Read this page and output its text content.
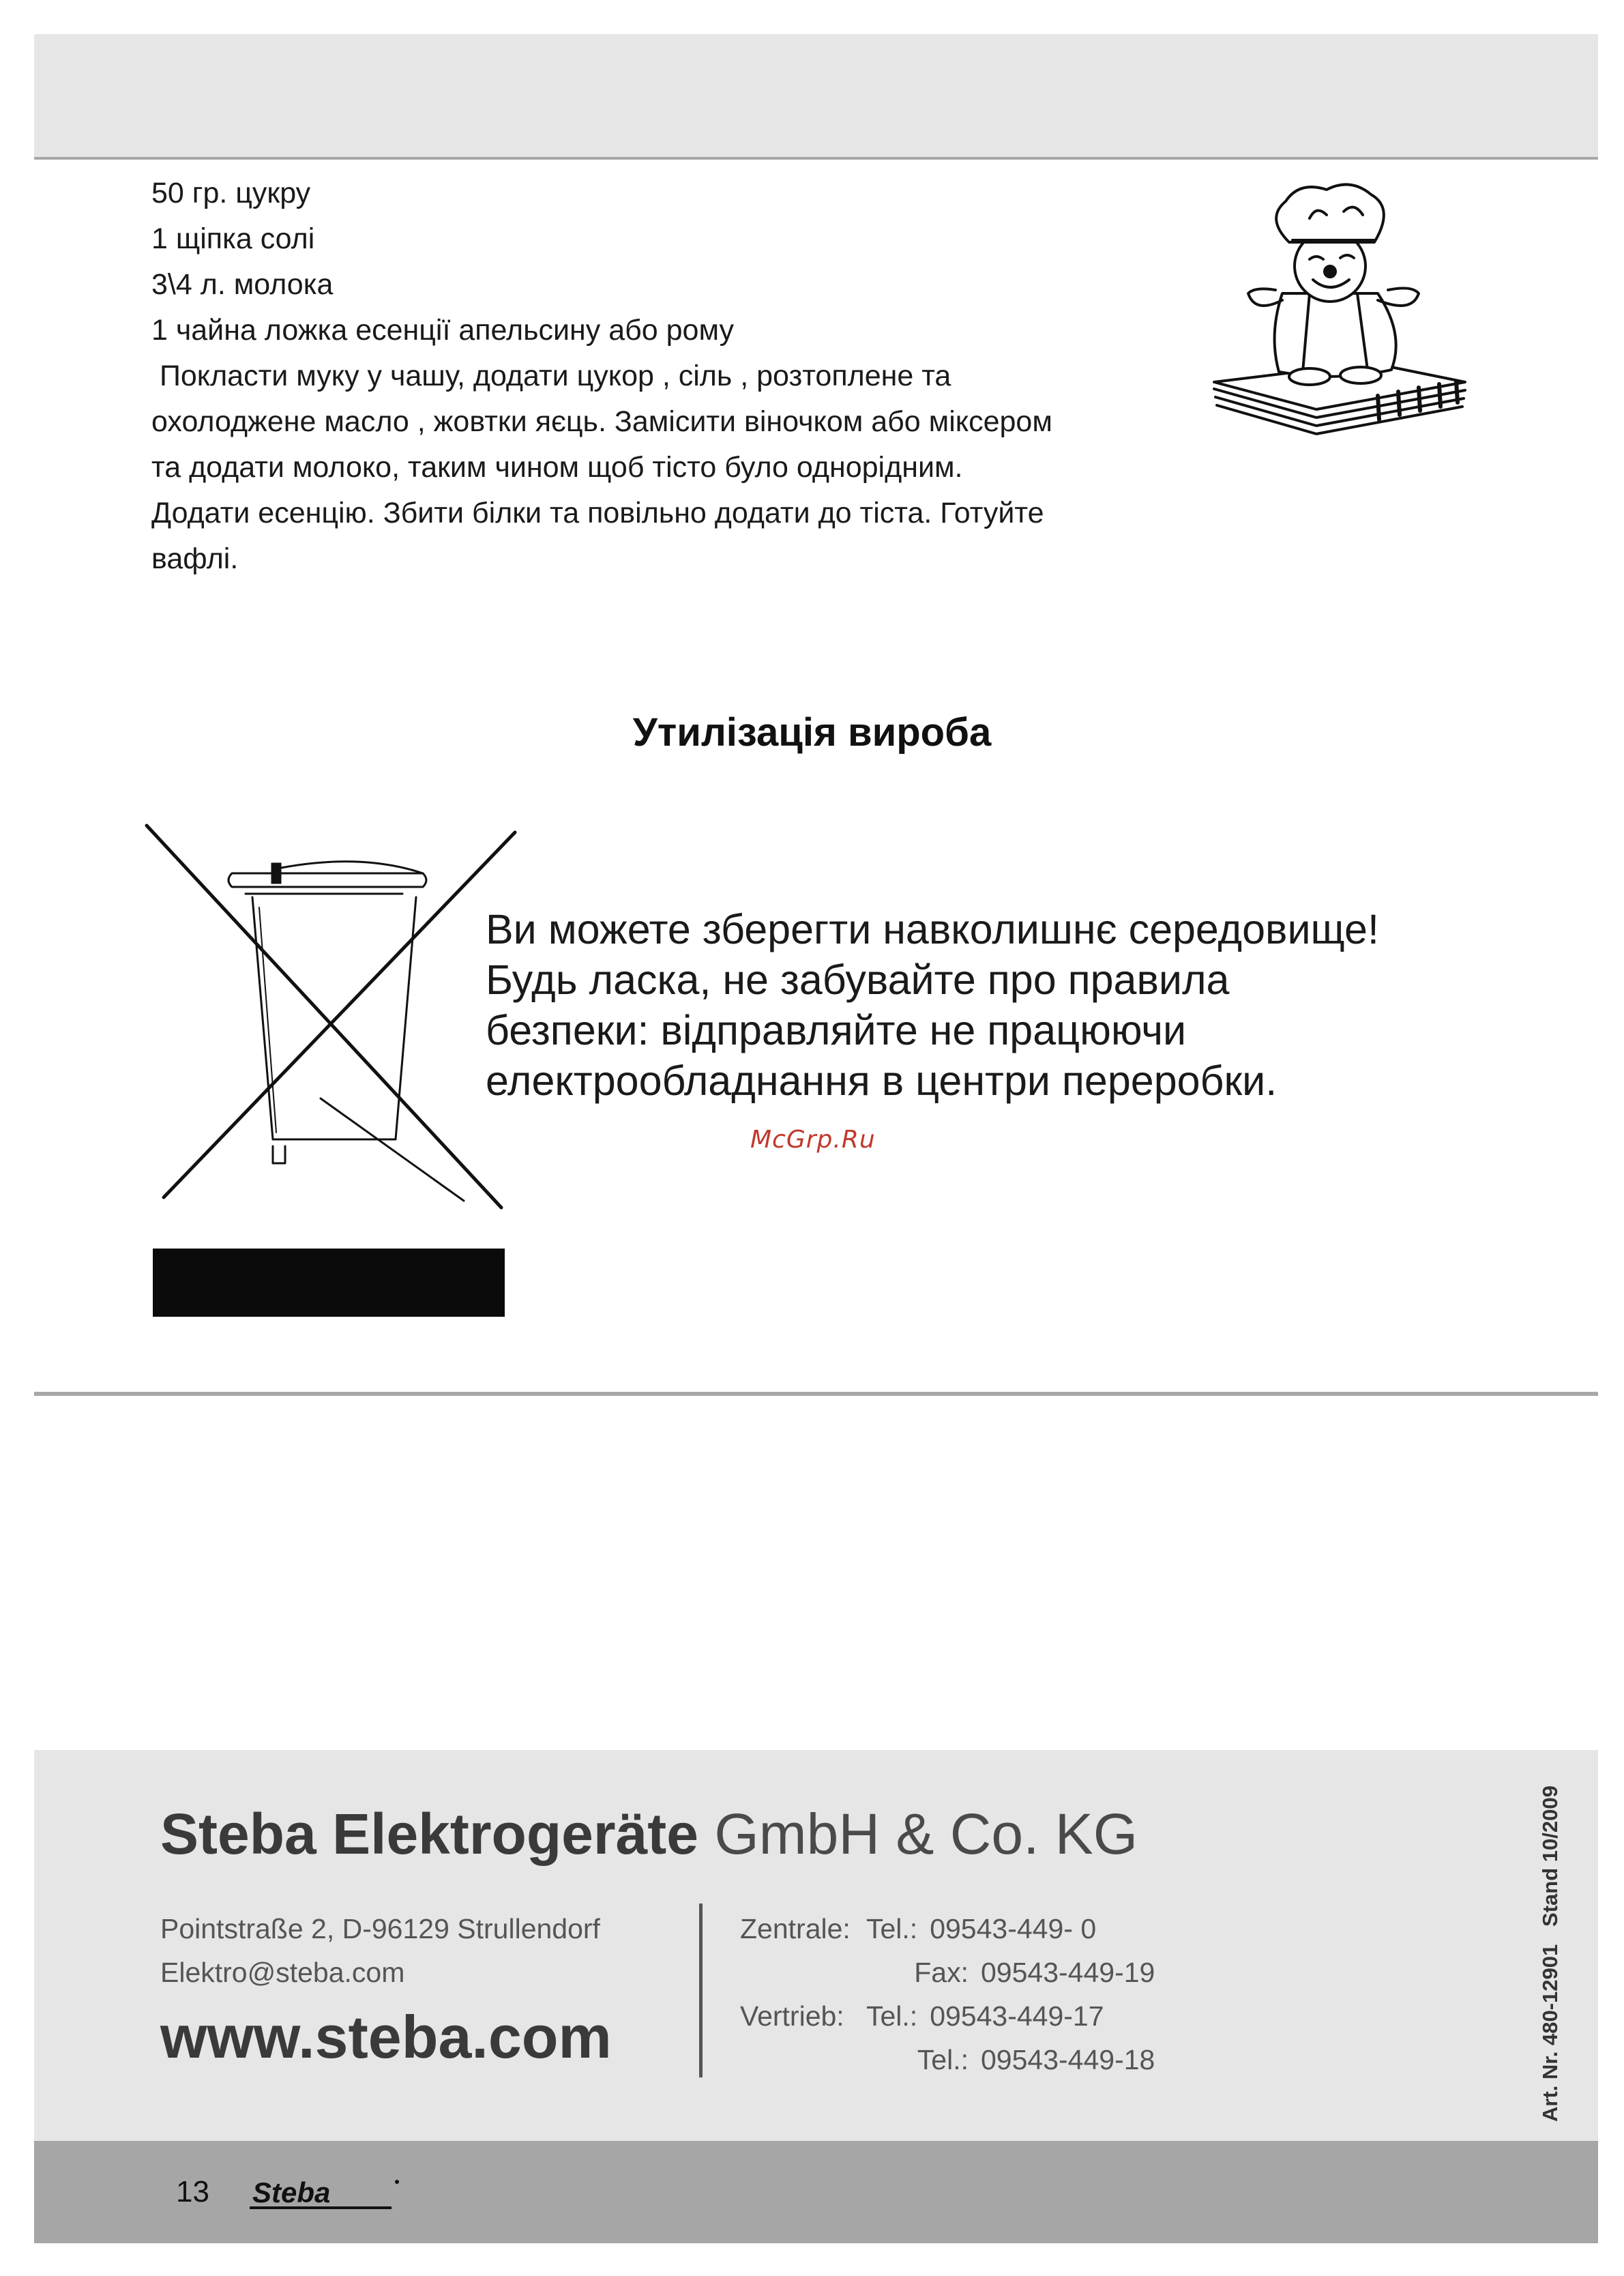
50 гр. цукру
1 щіпка солі
3\4 л. молока
1 чайна ложка есенції апельсину або рому
Покласти муку у чашу, додати цукор , сіль , розтоплене та
охолоджене масло , жовтки яєць. Замісити віночком або міксером
та додати молоко, таким чином щоб тісто було однорідним.
Додати есенцію. Збити білки та повільно додати до тіста. Готуйте
вафлі.
Утилізація вироба
Ви можете зберегти навколишнє середовище!
Будь ласка, не забувайте про правила
безпеки: відправляйте не працюючи
електрообладнання в центри переробки.
McGrp.Ru
Steba Elektrogeräte GmbH & Co. KG
Pointstraße 2, D-96129 Strullendorf
Elektro@steba.com
www.steba.com
Zentrale: Tel.: 09543-449- 0
Fax: 09543-449-19
Vertrieb: Tel.: 09543-449-17
Tel.: 09543-449-18	Art. Nr. 480-12901   Stand 10/2009
13 Steba
